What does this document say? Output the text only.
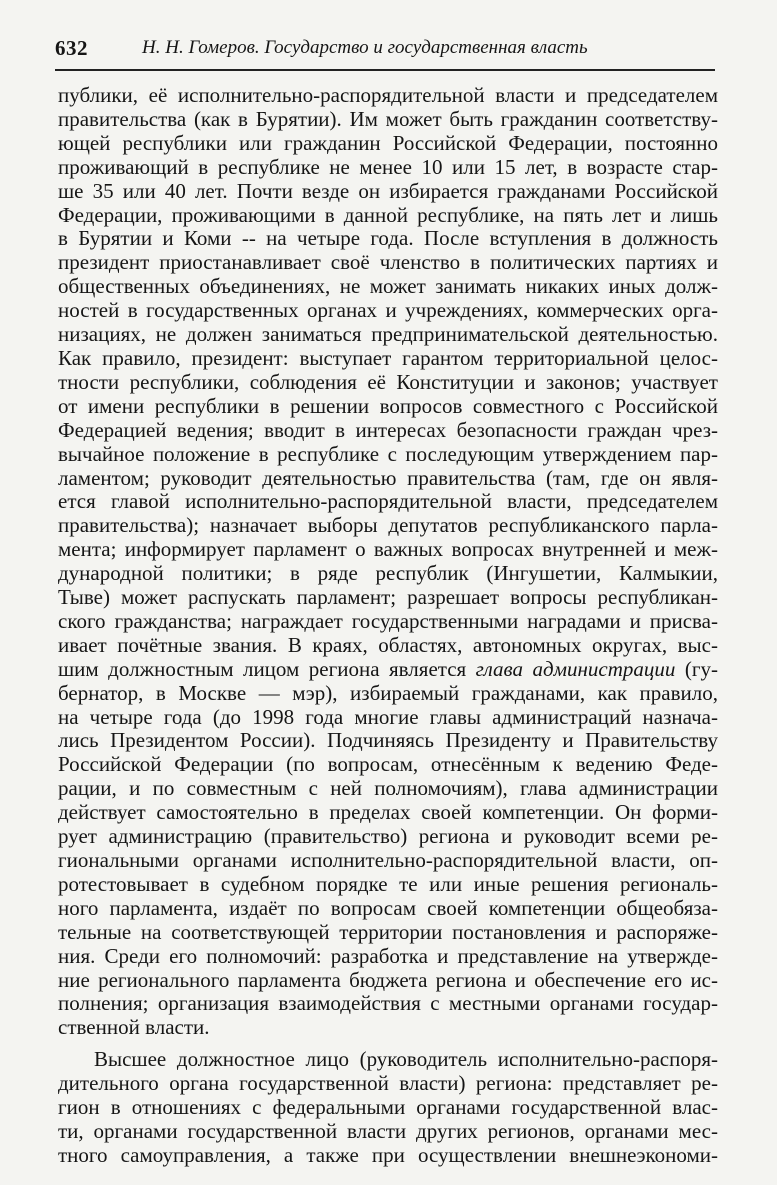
632	Н. Н. Гомеров. Государство и государственная власть

публики, её исполнительно-распорядительной власти и председателем
правительства (как в Бурятии). Им может быть гражданин соответству-
ющей республики или гражданин Российской Федерации, постоянно
проживающий в республике не менее 10 или 15 лет, в возрасте стар-
ше 35 или 40 лет. Почти везде он избирается гражданами Российской
Федерации, проживающими в данной республике, на пять лет и лишь
в Бурятии и Коми -- на четыре года. После вступления в должность
президент приостанавливает своё членство в политических партиях и
общественных объединениях, не может занимать никаких иных долж-
ностей в государственных органах и учреждениях, коммерческих орга-
низациях, не должен заниматься предпринимательской деятельностью.
Как правило, президент: выступает гарантом территориальной целос-
тности республики, соблюдения её Конституции и законов; участвует
от имени республики в решении вопросов совместного с Российской
Федерацией ведения; вводит в интересах безопасности граждан чрез-
вычайное положение в республике с последующим утверждением пар-
ламентом; руководит деятельностью правительства (там, где он явля-
ется главой исполнительно-распорядительной власти, председателем
правительства); назначает выборы депутатов республиканского парла-
мента; информирует парламент о важных вопросах внутренней и меж-
дународной политики; в ряде республик (Ингушетии, Калмыкии,
Тыве) может распускать парламент; разрешает вопросы республикан-
ского гражданства; награждает государственными наградами и присва-
ивает почётные звания. В краях, областях, автономных округах, выс-
шим должностным лицом региона является глава администрации (гу-
бернатор, в Москве — мэр), избираемый гражданами, как правило,
на четыре года (до 1998 года многие главы администраций назнача-
лись Президентом России). Подчиняясь Президенту и Правительству
Российской Федерации (по вопросам, отнесённым к ведению Феде-
рации, и по совместным с ней полномочиям), глава администрации
действует самостоятельно в пределах своей компетенции. Он форми-
рует администрацию (правительство) региона и руководит всеми ре-
гиональными органами исполнительно-распорядительной власти, оп-
ротестовывает в судебном порядке те или иные решения региональ-
ного парламента, издаёт по вопросам своей компетенции общеобяза-
тельные на соответствующей территории постановления и распоряже-
ния. Среди его полномочий: разработка и представление на утвержде-
ние регионального парламента бюджета региона и обеспечение его ис-
полнения; организация взаимодействия с местными органами государ-
ственной власти.

Высшее должностное лицо (руководитель исполнительно-распоря-
дительного органа государственной власти) региона: представляет ре-
гион в отношениях с федеральными органами государственной влас-
ти, органами государственной власти других регионов, органами мес-
тного самоуправления, а также при осуществлении внешнеэкономи-
